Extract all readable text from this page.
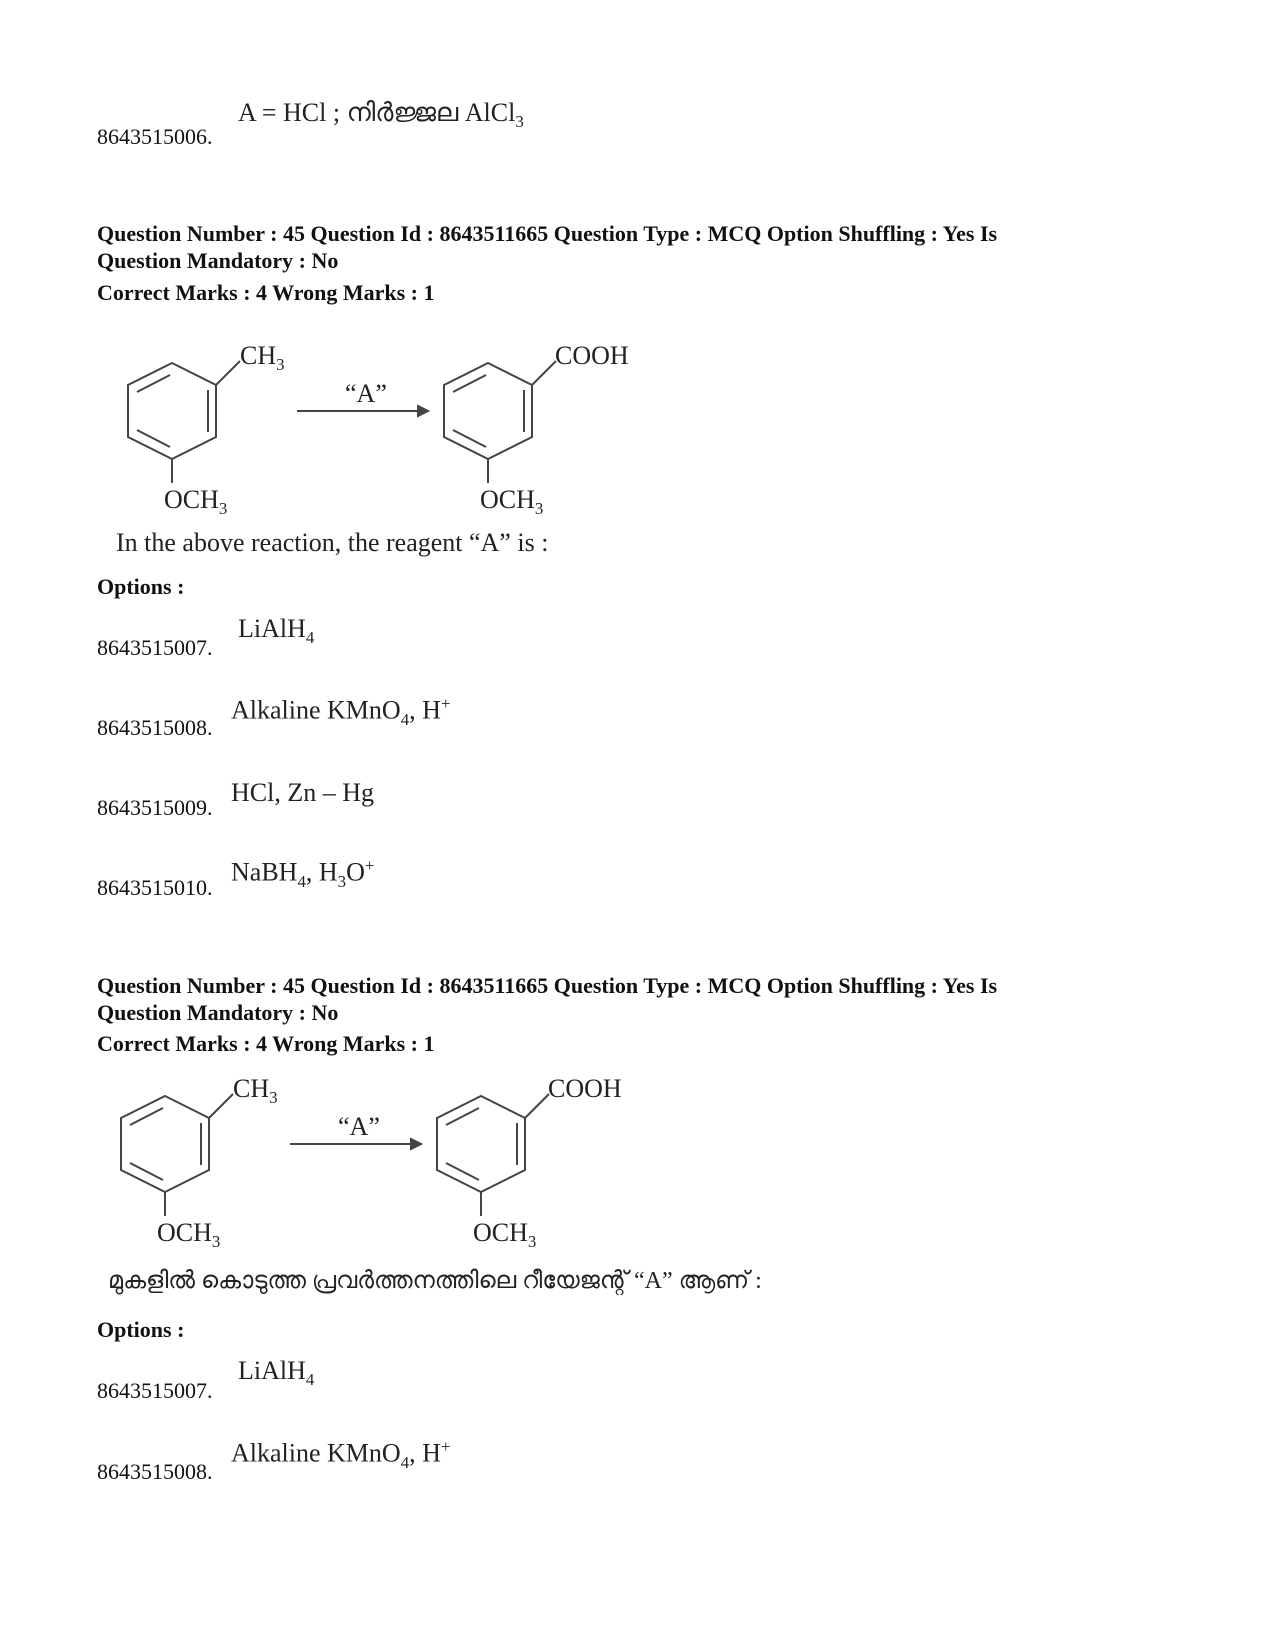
8643515006.
A = HCl ; നിർജ്ജല AlCl$_3$
Question Number : 45 Question Id : 8643511665 Question Type : MCQ Option Shuffling : Yes Is
Question Mandatory : No
Correct Marks : 4 Wrong Marks : 1
$CH_3$
“A”
COOH
$OCH_3$	$OCH_3$
In the above reaction, the reagent “A” is :
Options :
8643515007.
LiAlH$_4$
8643515008.
Alkaline KMnO$_4$, H+
8643515009.
HCl, Zn – Hg
8643515010.
NaBH$_4$, $H_3O^+$
Question Number : 45 Question Id : 8643511665 Question Type : MCQ Option Shuffling : Yes Is
Question Mandatory : No
Correct Marks : 4 Wrong Marks : 1
$CH_3$
“A”
COOH
$OCH_3$	$OCH_3$
മുകളിൽ കൊടുത്ത പ്രവർത്തനത്തിലെ റീയേജന്റ് “A” ആണ് :
Options :
8643515007.
LiAlH$_4$
8643515008.
Alkaline KMnO$_4$, H+
